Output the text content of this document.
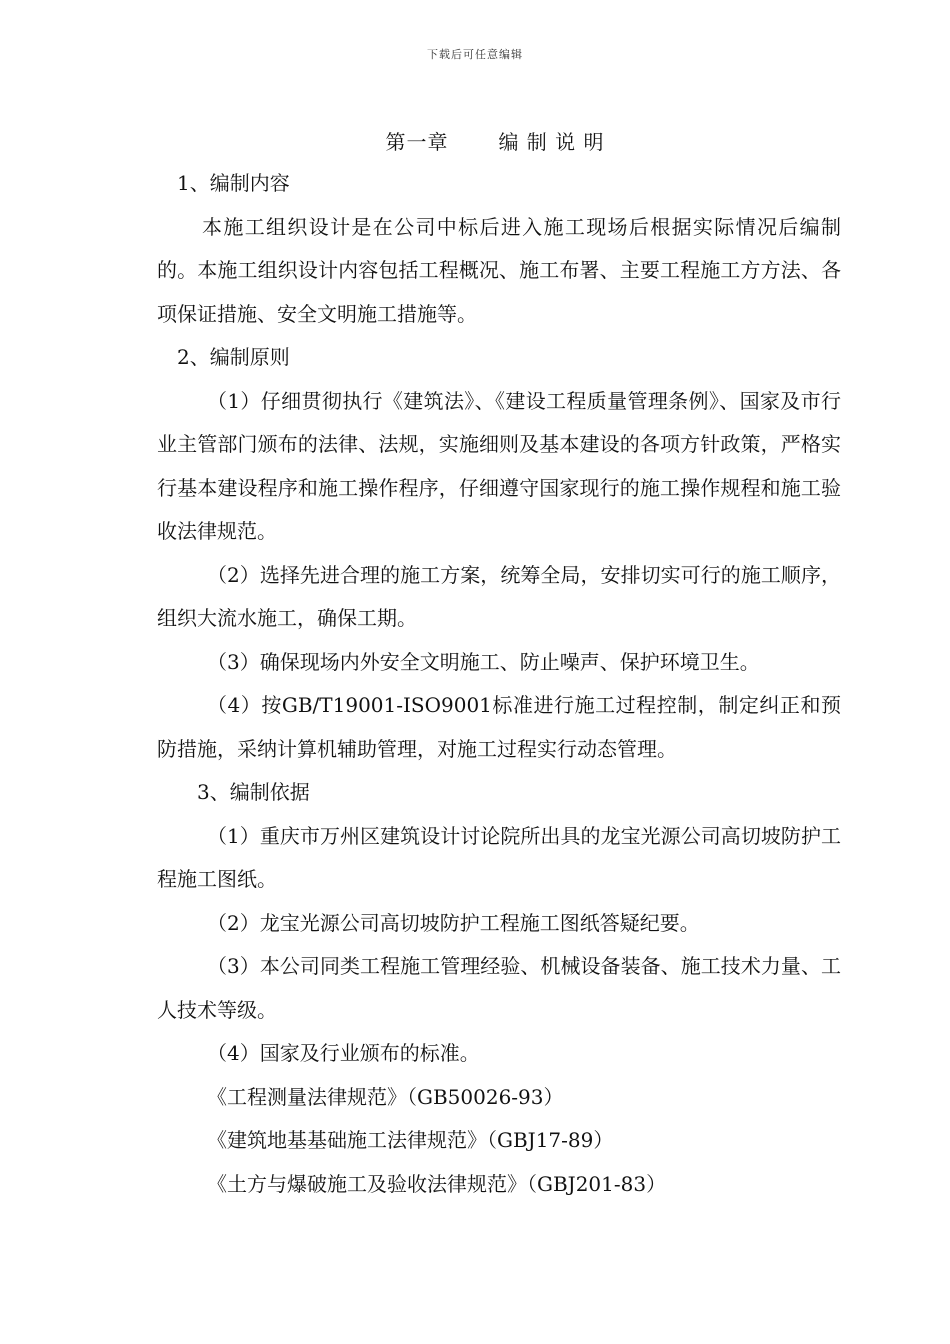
下载后可任意编辑
第一章	编 制 说 明

1、编制内容

本施工组织设计是在公司中标后进入施工现场后根据实际情况后编制的。本施工组织设计内容包括工程概况、施工布署、主要工程施工方方法、各项保证措施、安全文明施工措施等。

2、编制原则

（1）仔细贯彻执行《建筑法》、《建设工程质量管理条例》、国家及市行业主管部门颁布的法律、法规，实施细则及基本建设的各项方针政策，严格实行基本建设程序和施工操作程序，仔细遵守国家现行的施工操作规程和施工验收法律规范。

（2）选择先进合理的施工方案，统筹全局，安排切实可行的施工顺序，组织大流水施工，确保工期。

（3）确保现场内外安全文明施工、防止噪声、保护环境卫生。

（4）按GB/T19001-ISO9001标准进行施工过程控制，制定纠正和预防措施，采纳计算机辅助管理，对施工过程实行动态管理。

3、编制依据

（1）重庆市万州区建筑设计讨论院所出具的龙宝光源公司高切坡防护工程施工图纸。

（2）龙宝光源公司高切坡防护工程施工图纸答疑纪要。

（3）本公司同类工程施工管理经验、机械设备装备、施工技术力量、工人技术等级。

（4）国家及行业颁布的标准。

《工程测量法律规范》（GB50026-93）

《建筑地基基础施工法律规范》（GBJ17-89）

《土方与爆破施工及验收法律规范》（GBJ201-83）
